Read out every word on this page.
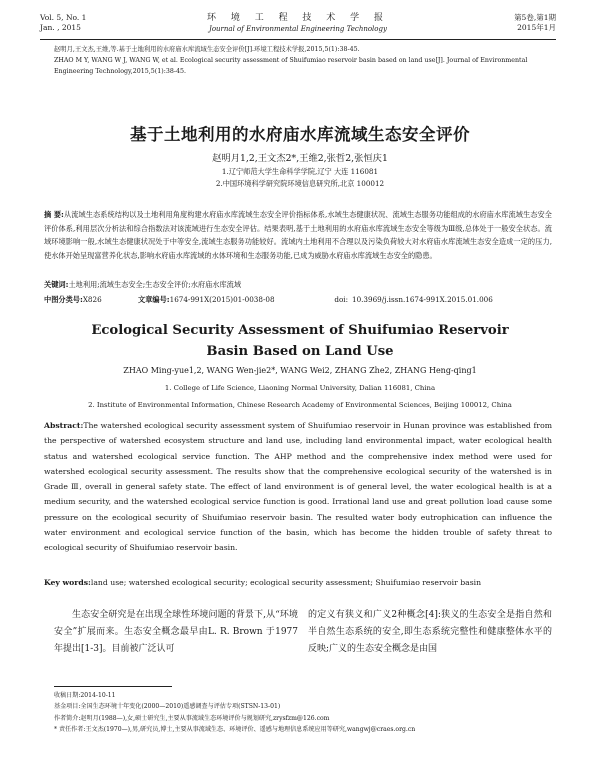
Vol. 5, No. 1
Jan. , 2015
环 境 工 程 技 术 学 报
Journal of Environmental Engineering Technology
第5卷,第1期
2015年1月
赵明月,王文杰,王维,等.基于土地利用的水府庙水库流域生态安全评价[J].环境工程技术学报,2015,5(1):38-45.
ZHAO M Y, WANG W J, WANG W, et al. Ecological security assessment of Shuifumiao reservoir basin based on land use[J]. Journal of Environmental
Engineering Technology,2015,5(1):38-45.
基于土地利用的水府庙水库流域生态安全评价
赵明月1,2,王文杰2*,王维2,张哲2,张恒庆1
1.辽宁师范大学生命科学学院,辽宁 大连 116081
2.中国环境科学研究院环境信息研究所,北京 100012
摘 要:从流域生态系统结构以及土地利用角度构建水府庙水库流域生态安全评价指标体系,水域生态健康状况、流域生态服务功能组成的水府庙水库流域生态安全评价体系,利用层次分析法和综合指数法对该流域进行生态安全评估。结果表明,基于土地利用的水府庙水库流域生态安全等级为Ⅲ级,总体处于一般安全状态。流域环境影响一般,水域生态健康状况处于中等安全,流域生态服务功能较好。流域内土地利用不合理以及污染负荷较大对水府庙水库流域生态安全造成一定的压力,使水体开始呈现富营养化状态,影响水府庙水库流域的水体环境和生态服务功能,已成为威胁水府庙水库流域生态安全的隐患。
关键词:土地利用;流域生态安全;生态安全评价;水府庙水库流域
中图分类号:X826	文章编号:1674-991X(2015)01-0038-08	doi: 10.3969/j.issn.1674-991X.2015.01.006
Ecological Security Assessment of Shuifumiao Reservoir
Basin Based on Land Use
ZHAO Ming-yue1,2, WANG Wen-jie2*, WANG Wei2, ZHANG Zhe2, ZHANG Heng-qing1
1. College of Life Science, Liaoning Normal University, Dalian 116081, China
2. Institute of Environmental Information, Chinese Research Academy of Environmental Sciences, Beijing 100012, China
Abstract:The watershed ecological security assessment system of Shuifumiao reservoir in Hunan province was established from the perspective of watershed ecosystem structure and land use, including land environmental impact, water ecological health status and watershed ecological service function. The AHP method and the comprehensive index method were used for watershed ecological security assessment. The results show that the comprehensive ecological security of the watershed is in Grade Ⅲ, overall in general safety state. The effect of land environment is of general level, the water ecological health is at a medium security, and the watershed ecological service function is good. Irrational land use and great pollution load cause some pressure on the ecological security of Shuifumiao reservoir basin. The resulted water body eutrophication can influence the water environment and ecological service function of the basin, which has become the hidden trouble of safety threat to ecological security of Shuifumiao reservoir basin.
Key words:land use; watershed ecological security; ecological security assessment; Shuifumiao reservoir basin
生态安全研究是在出现全球性环境问题的背景下,从“环境安全”扩展而来。生态安全概念最早由L. R. Brown 于1977年提出[1-3]。目前被广泛认可
的定义有狭义和广义2种概念[4]:狭义的生态安全是指自然和半自然生态系统的安全,即生态系统完整性和健康整体水平的反映;广义的生态安全概念是由国
收稿日期:2014-10-11
基金项目:全国生态环境十年变化(2000—2010)遥感调查与评估专项(STSN-13-01)
作者简介:赵明月(1988—),女,硕士研究生,主要从事流域生态环境评价与规划研究,zrysfzm@126.com
* 责任作者:王文杰(1970—),男,研究员,博士,主要从事流域生态、环境评价、遥感与地理信息系统应用等研究,wangwj@craes.org.cn
